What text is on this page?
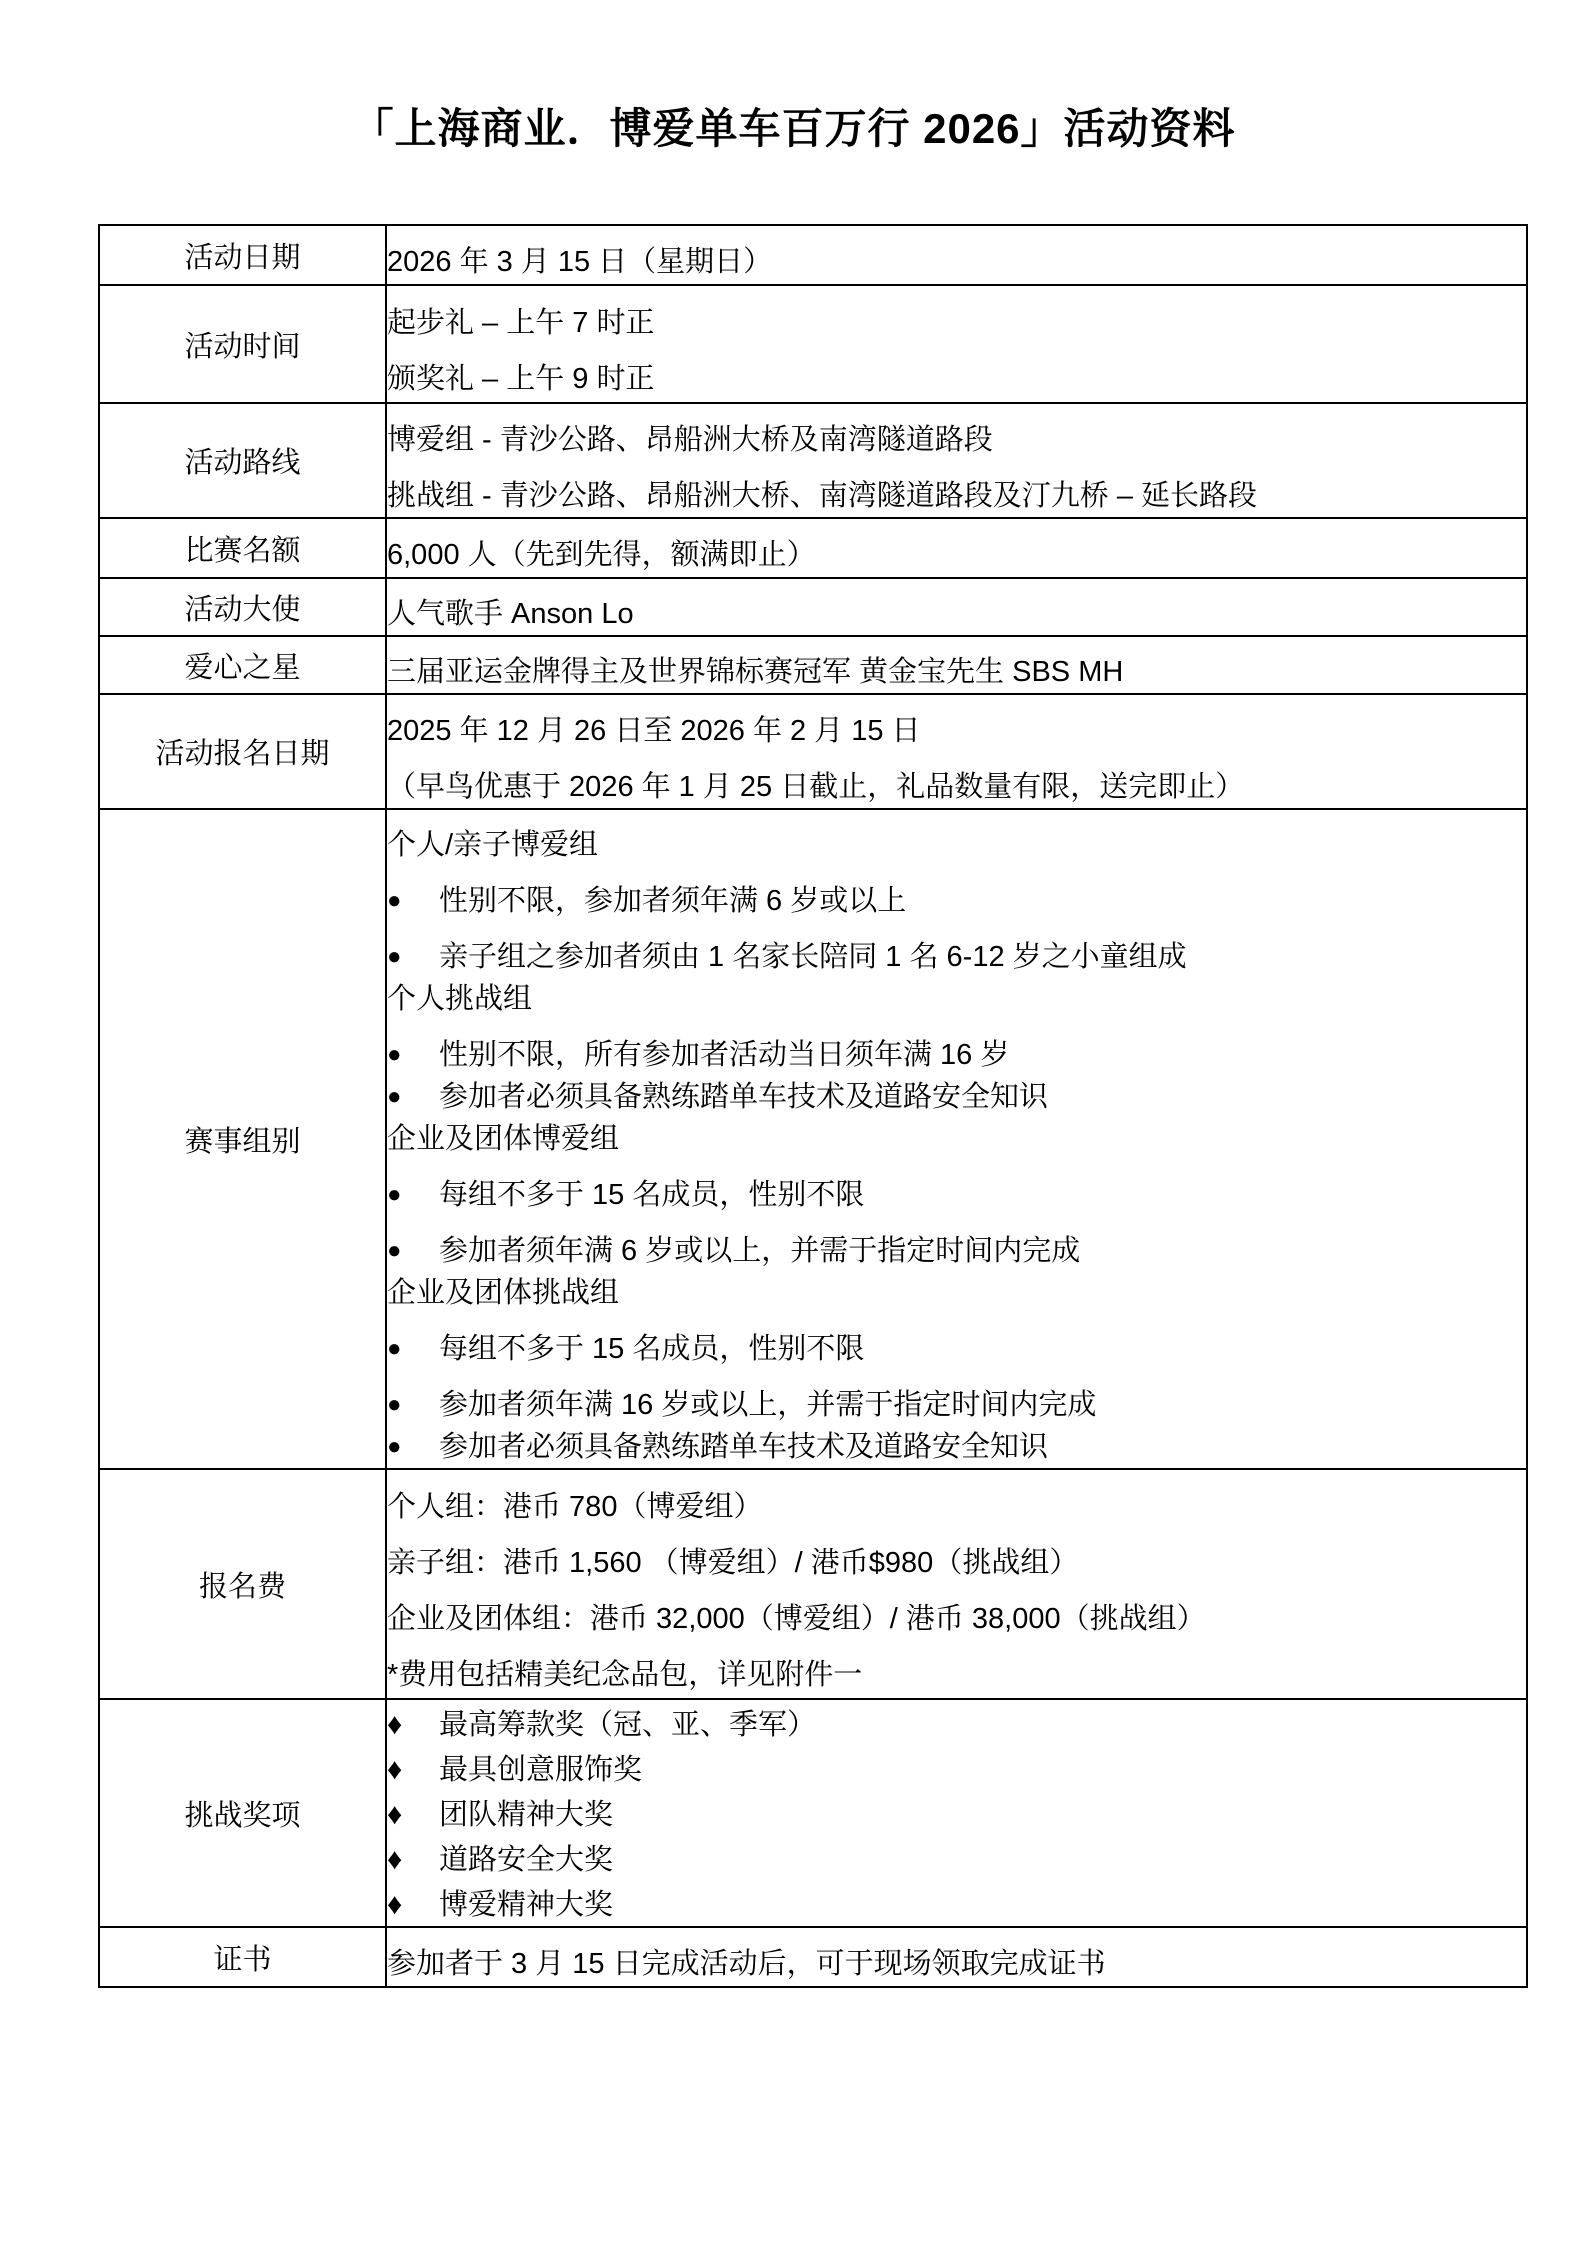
「上海商业．博爱单车百万行 2026」活动资料
活动日期	2026 年 3 月 15 日（星期日）

活动时间	起步礼 – 上午 7 时正
颁奖礼 – 上午 9 时正

活动路线	博爱组 - 青沙公路、昂船洲大桥及南湾隧道路段
挑战组 - 青沙公路、昂船洲大桥、南湾隧道路段及汀九桥 – 延长路段

比赛名额	6,000 人（先到先得，额满即止）

活动大使	人气歌手 Anson Lo

爱心之星	三届亚运金牌得主及世界锦标赛冠军 黄金宝先生 SBS MH

活动报名日期	2025 年 12 月 26 日至 2026 年 2 月 15 日
（早鸟优惠于 2026 年 1 月 25 日截止，礼品数量有限，送完即止）

赛事组别	
个人/亲子博爱组
●	性别不限，参加者须年满 6 岁或以上
●	亲子组之参加者须由 1 名家长陪同 1 名 6-12 岁之小童组成
个人挑战组
●	性别不限，所有参加者活动当日须年满 16 岁
●	参加者必须具备熟练踏单车技术及道路安全知识
企业及团体博爱组
●	每组不多于 15 名成员，性别不限
●	参加者须年满 6 岁或以上，并需于指定时间内完成
企业及团体挑战组
●	每组不多于 15 名成员，性别不限
●	参加者须年满 16 岁或以上，并需于指定时间内完成
●	参加者必须具备熟练踏单车技术及道路安全知识

报名费	个人组：港币 780（博爱组）
亲子组：港币 1,560 （博爱组）/ 港币$980（挑战组）
企业及团体组：港币 32,000（博爱组）/ 港币 38,000（挑战组）
*费用包括精美纪念品包，详见附件一

挑战奖项	
♦	最高筹款奖（冠、亚、季军）
♦	最具创意服饰奖
♦	团队精神大奖
♦	道路安全大奖
♦	博爱精神大奖

证书	参加者于 3 月 15 日完成活动后，可于现场领取完成证书
